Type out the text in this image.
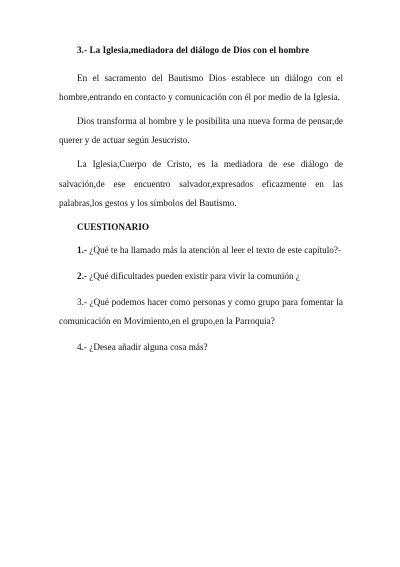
3.- La Iglesia,mediadora del diálogo de Dios con el hombre

En el sacramento del Bautismo Dios establece un diálogo con el hombre,entrando en contacto y comunicación con él por medio de la Iglesia.

Dios transforma al hombre y le posibilita una nueva forma de pensar,de querer y de actuar según Jesucristo.

La Iglesia,Cuerpo de Cristo, es la mediadora de ese diálogo de salvación,de ese encuentro salvador,expresados eficazmente en las palabras,los gestos y los símbolos del Bautismo.

CUESTIONARIO

1.- ¿Qué te ha llamado más la atención al leer el texto de este capítulo?-

2.- ¿Qué dificultades pueden existir para vivir la comunión ¿

3.- ¿Qué podemos hacer como personas y como grupo para fomentar la comunicación en Movimiento,en el grupo,en la Parroquia?

4.- ¿Desea añadir alguna cosa más?
